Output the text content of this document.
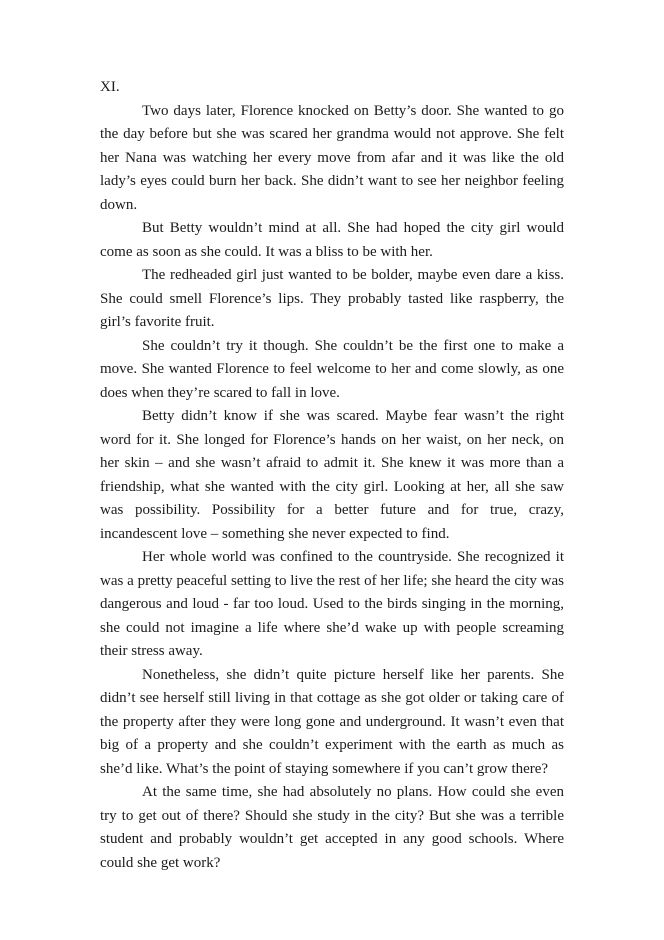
XI.

Two days later, Florence knocked on Betty’s door. She wanted to go the day before but she was scared her grandma would not approve. She felt her Nana was watching her every move from afar and it was like the old lady’s eyes could burn her back. She didn’t want to see her neighbor feeling down.

But Betty wouldn’t mind at all. She had hoped the city girl would come as soon as she could. It was a bliss to be with her.

The redheaded girl just wanted to be bolder, maybe even dare a kiss. She could smell Florence’s lips. They probably tasted like raspberry, the girl’s favorite fruit.

She couldn’t try it though. She couldn’t be the first one to make a move. She wanted Florence to feel welcome to her and come slowly, as one does when they’re scared to fall in love.

Betty didn’t know if she was scared. Maybe fear wasn’t the right word for it. She longed for Florence’s hands on her waist, on her neck, on her skin – and she wasn’t afraid to admit it. She knew it was more than a friendship, what she wanted with the city girl. Looking at her, all she saw was possibility. Possibility for a better future and for true, crazy, incandescent love – something she never expected to find.

Her whole world was confined to the countryside. She recognized it was a pretty peaceful setting to live the rest of her life; she heard the city was dangerous and loud - far too loud. Used to the birds singing in the morning, she could not imagine a life where she’d wake up with people screaming their stress away.

Nonetheless, she didn’t quite picture herself like her parents. She didn’t see herself still living in that cottage as she got older or taking care of the property after they were long gone and underground. It wasn’t even that big of a property and she couldn’t experiment with the earth as much as she’d like. What’s the point of staying somewhere if you can’t grow there?

At the same time, she had absolutely no plans. How could she even try to get out of there? Should she study in the city? But she was a terrible student and probably wouldn’t get accepted in any good schools. Where could she get work?
